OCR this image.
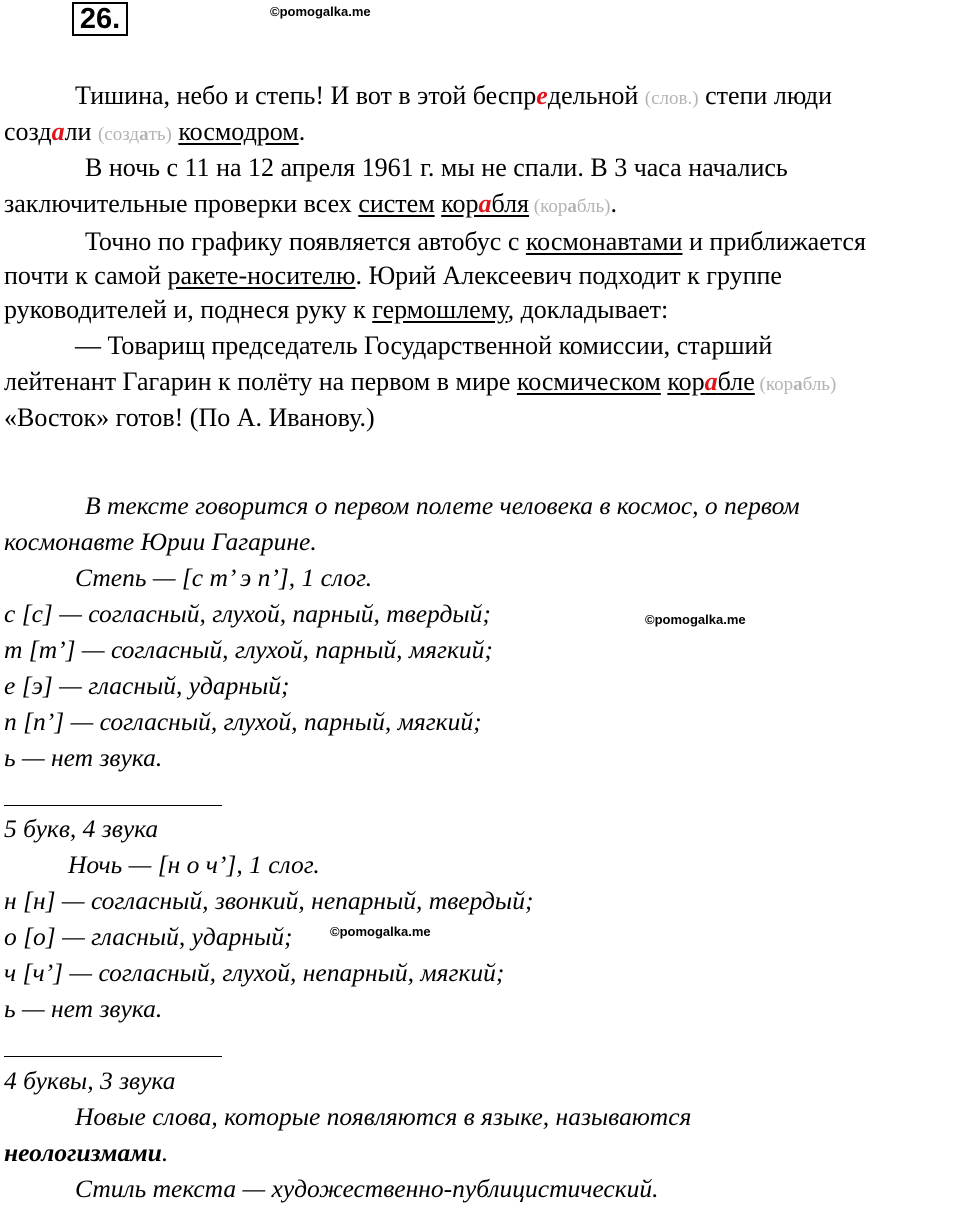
26.	©pomogalka.me
©pomogalka.me
©pomogalka.me
Тишина, небо и степь! И вот в этой беспредельной (слов.) степи люди
создали (создать) космодром.
В ночь с 11 на 12 апреля 1961 г. мы не спали. В 3 часа начались
заключительные проверки всех систем корабля (корабль).
Точно по графику появляется автобус с космонавтами и приближается
почти к самой ракете-носителю. Юрий Алексеевич подходит к группе
руководителей и, поднеся руку к гермошлему, докладывает:
— Товарищ председатель Государственной комиссии, старший
лейтенант Гагарин к полёту на первом в мире космическом корабле (корабль)
«Восток» готов! (По А. Иванову.)
В тексте говорится о первом полете человека в космос, о первом
космонавте Юрии Гагарине.
Степь — [с т’ э п’], 1 слог.
с [с] — согласный, глухой, парный, твердый;
т [т’] — согласный, глухой, парный, мягкий;
е [э] — гласный, ударный;
п [п’] — согласный, глухой, парный, мягкий;
ь — нет звука.
5 букв, 4 звука
Ночь — [н о ч’], 1 слог.
н [н] — согласный, звонкий, непарный, твердый;
о [о] — гласный, ударный;
ч [ч’] — согласный, глухой, непарный, мягкий;
ь — нет звука.
4 буквы, 3 звука
Новые слова, которые появляются в языке, называются
неологизмами.
Стиль текста — художественно-публицистический.
